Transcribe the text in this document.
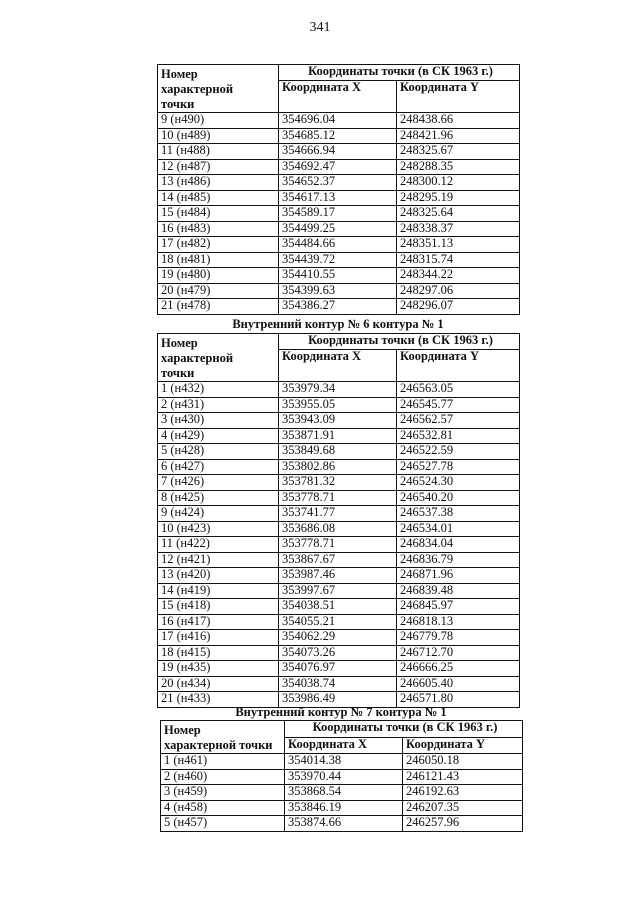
341
Номер
характерной
точки	Координаты точки (в СК 1963 г.)	
	Координата X	Координата Y
9 (н490)	354696.04	248438.66
10 (н489)	354685.12	248421.96
11 (н488)	354666.94	248325.67
12 (н487)	354692.47	248288.35
13 (н486)	354652.37	248300.12
14 (н485)	354617.13	248295.19
15 (н484)	354589.17	248325.64
16 (н483)	354499.25	248338.37
17 (н482)	354484.66	248351.13
18 (н481)	354439.72	248315.74
19 (н480)	354410.55	248344.22
20 (н479)	354399.63	248297.06
21 (н478)	354386.27	248296.07
Внутренний контур № 6 контура № 1
Номер
характерной
точки	Координаты точки (в СК 1963 г.)	
	Координата X	Координата Y
1 (н432)	353979.34	246563.05
2 (н431)	353955.05	246545.77
3 (н430)	353943.09	246562.57
4 (н429)	353871.91	246532.81
5 (н428)	353849.68	246522.59
6 (н427)	353802.86	246527.78
7 (н426)	353781.32	246524.30
8 (н425)	353778.71	246540.20
9 (н424)	353741.77	246537.38
10 (н423)	353686.08	246534.01
11 (н422)	353778.71	246834.04
12 (н421)	353867.67	246836.79
13 (н420)	353987.46	246871.96
14 (н419)	353997.67	246839.48
15 (н418)	354038.51	246845.97
16 (н417)	354055.21	246818.13
17 (н416)	354062.29	246779.78
18 (н415)	354073.26	246712.70
19 (н435)	354076.97	246666.25
20 (н434)	354038.74	246605.40
21 (н433)	353986.49	246571.80
Внутренний контур № 7 контура № 1
Номер
характерной точки	Координаты точки (в СК 1963 г.)	
	Координата X	Координата Y
1 (н461)	354014.38	246050.18
2 (н460)	353970.44	246121.43
3 (н459)	353868.54	246192.63
4 (н458)	353846.19	246207.35
5 (н457)	353874.66	246257.96
